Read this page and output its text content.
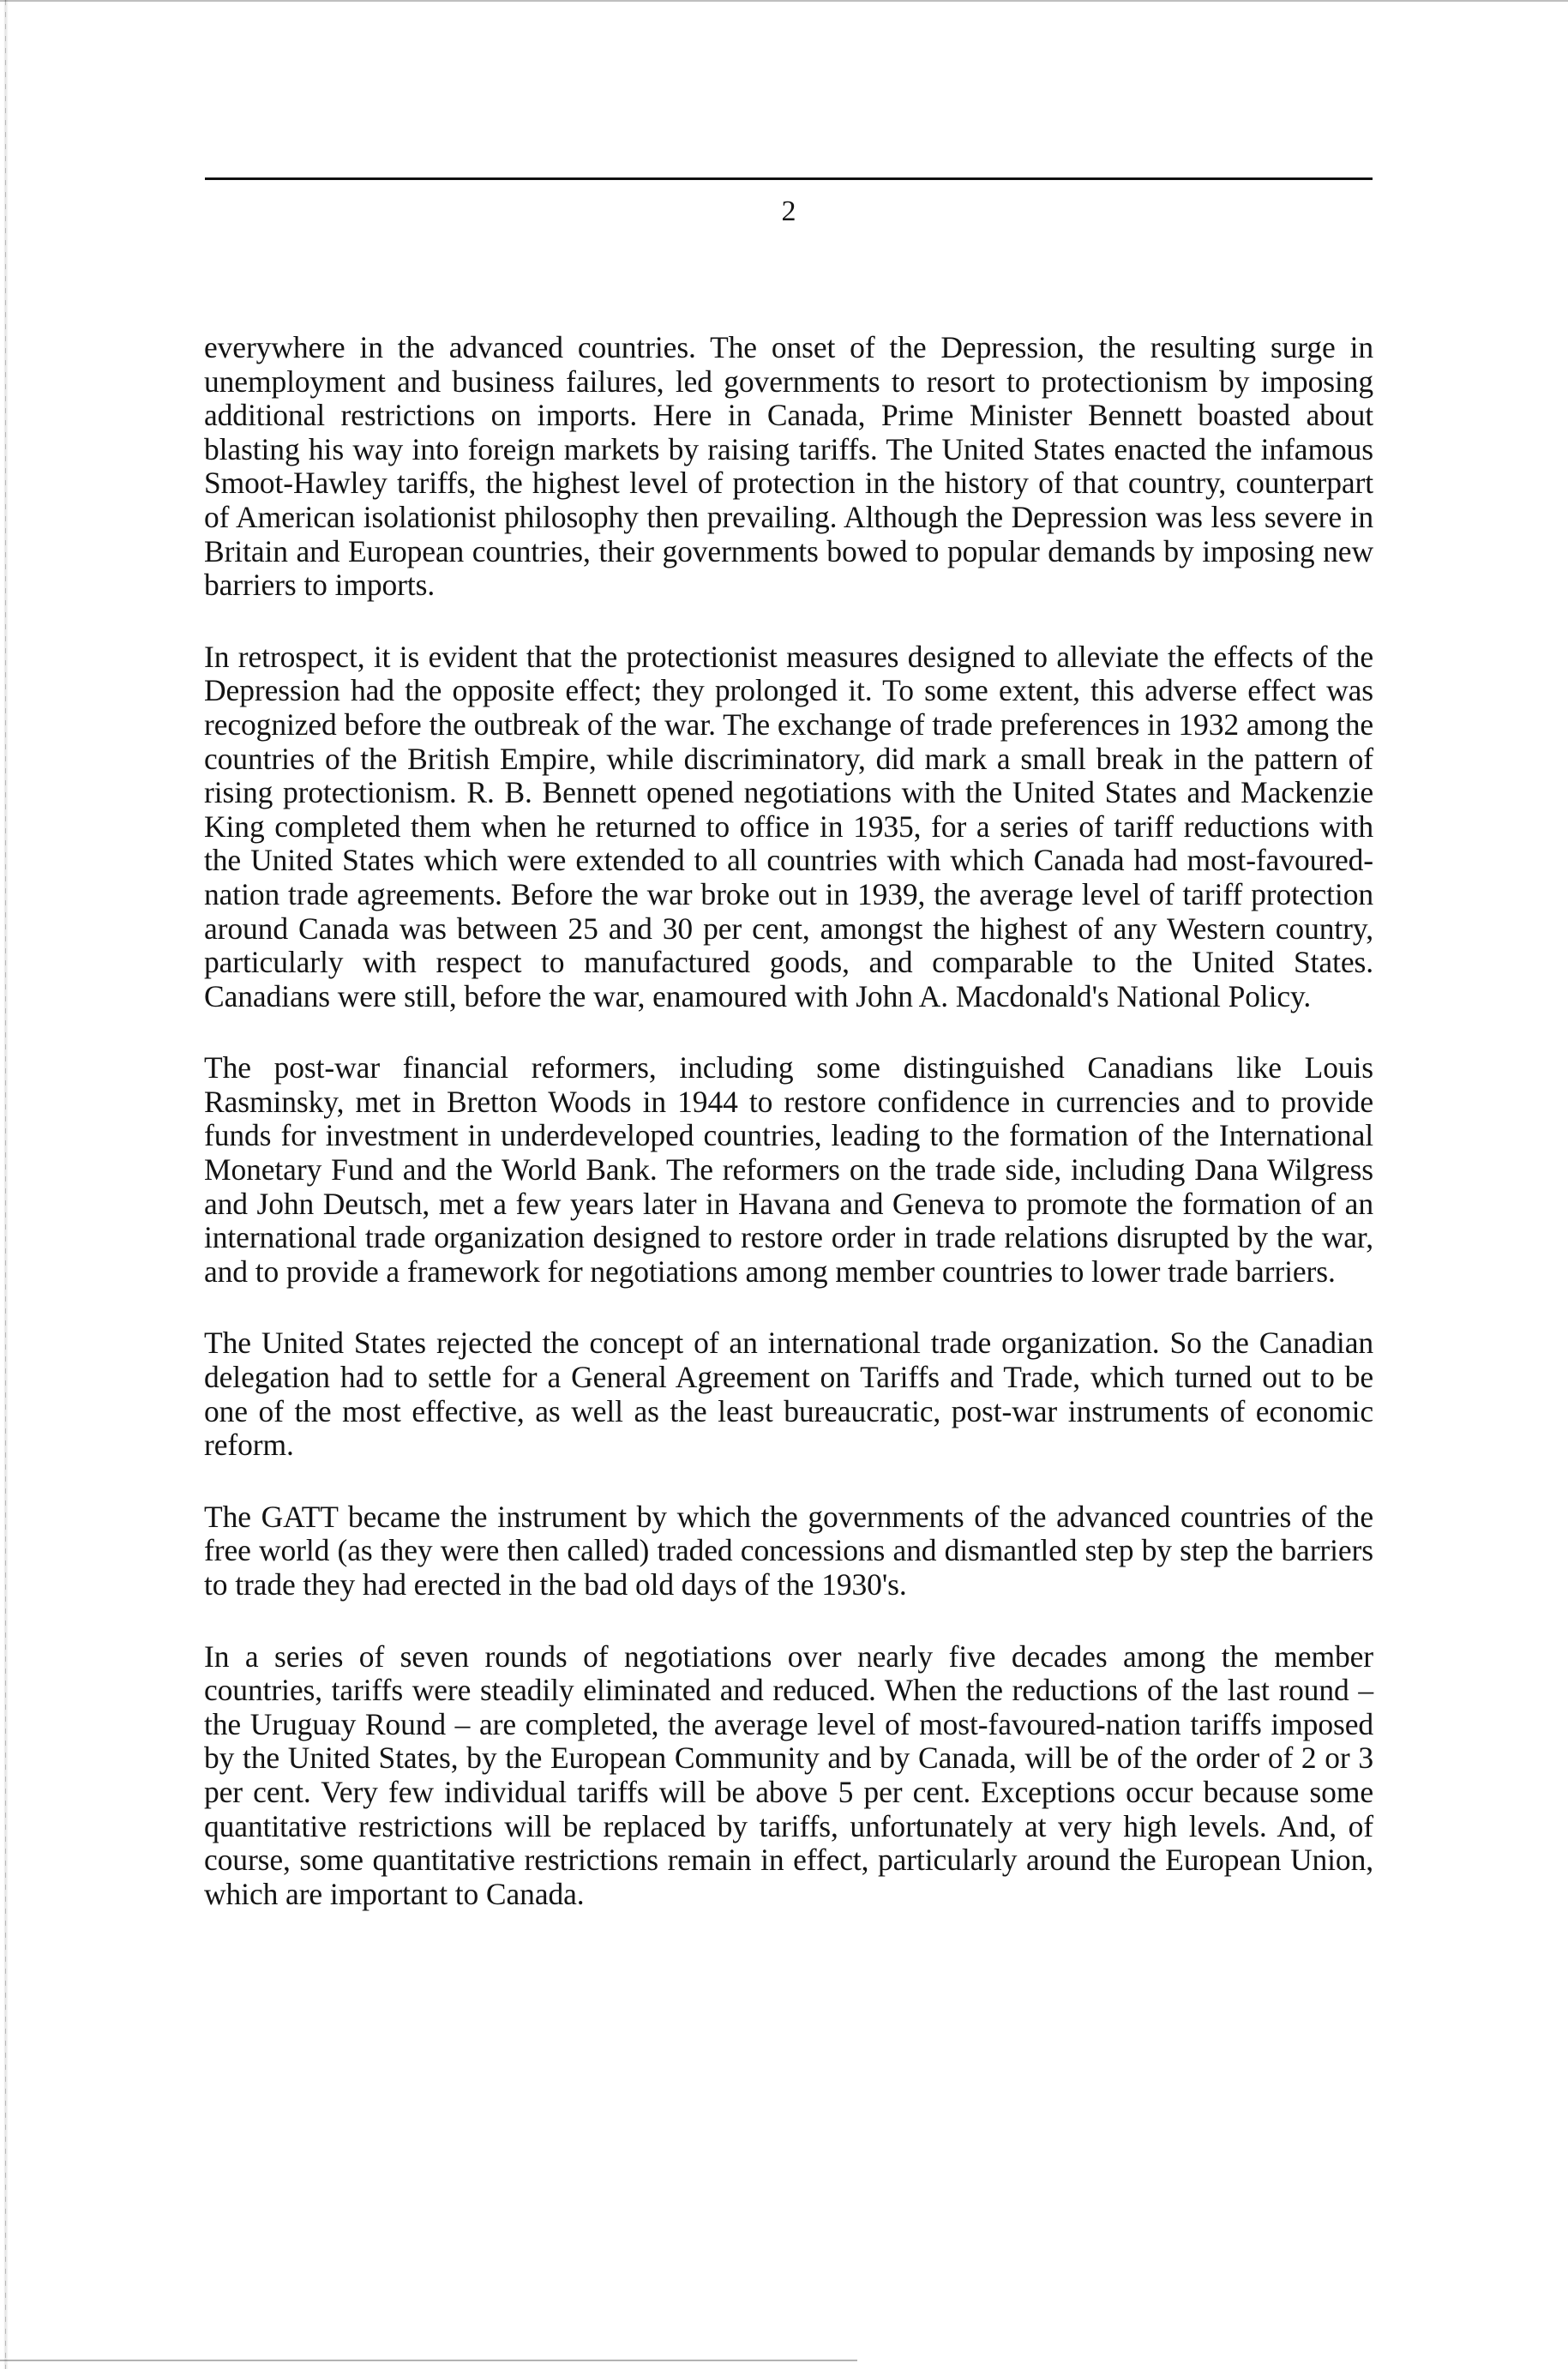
2

everywhere in the advanced countries. The onset of the Depression, the resulting surge in unemployment and business failures, led governments to resort to protectionism by imposing additional restrictions on imports. Here in Canada, Prime Minister Bennett boasted about blasting his way into foreign markets by raising tariffs. The United States enacted the infamous Smoot-Hawley tariffs, the highest level of protection in the history of that country, counterpart of American isolationist philosophy then prevailing. Although the Depression was less severe in Britain and European countries, their governments bowed to popular demands by imposing new barriers to imports.

In retrospect, it is evident that the protectionist measures designed to alleviate the effects of the Depression had the opposite effect; they prolonged it. To some extent, this adverse effect was recognized before the outbreak of the war. The exchange of trade preferences in 1932 among the countries of the British Empire, while discriminatory, did mark a small break in the pattern of rising protectionism. R. B. Bennett opened negotiations with the United States and Mackenzie King completed them when he returned to office in 1935, for a series of tariff reductions with the United States which were extended to all countries with which Canada had most-favoured-nation trade agreements. Before the war broke out in 1939, the average level of tariff protection around Canada was between 25 and 30 per cent, amongst the highest of any Western country, particularly with respect to manufactured goods, and comparable to the United States. Canadians were still, before the war, enamoured with John A. Macdonald's National Policy.

The post-war financial reformers, including some distinguished Canadians like Louis Rasminsky, met in Bretton Woods in 1944 to restore confidence in currencies and to provide funds for investment in underdeveloped countries, leading to the formation of the International Monetary Fund and the World Bank. The reformers on the trade side, including Dana Wilgress and John Deutsch, met a few years later in Havana and Geneva to promote the formation of an international trade organization designed to restore order in trade relations disrupted by the war, and to provide a framework for negotiations among member countries to lower trade barriers.

The United States rejected the concept of an international trade organization. So the Canadian delegation had to settle for a General Agreement on Tariffs and Trade, which turned out to be one of the most effective, as well as the least bureaucratic, post-war instruments of economic reform.

The GATT became the instrument by which the governments of the advanced countries of the free world (as they were then called) traded concessions and dismantled step by step the barriers to trade they had erected in the bad old days of the 1930's.

In a series of seven rounds of negotiations over nearly five decades among the member countries, tariffs were steadily eliminated and reduced. When the reductions of the last round – the Uruguay Round – are completed, the average level of most-favoured-nation tariffs imposed by the United States, by the European Community and by Canada, will be of the order of 2 or 3 per cent. Very few individual tariffs will be above 5 per cent. Exceptions occur because some quantitative restrictions will be replaced by tariffs, unfortunately at very high levels. And, of course, some quantitative restrictions remain in effect, particularly around the European Union, which are important to Canada.
